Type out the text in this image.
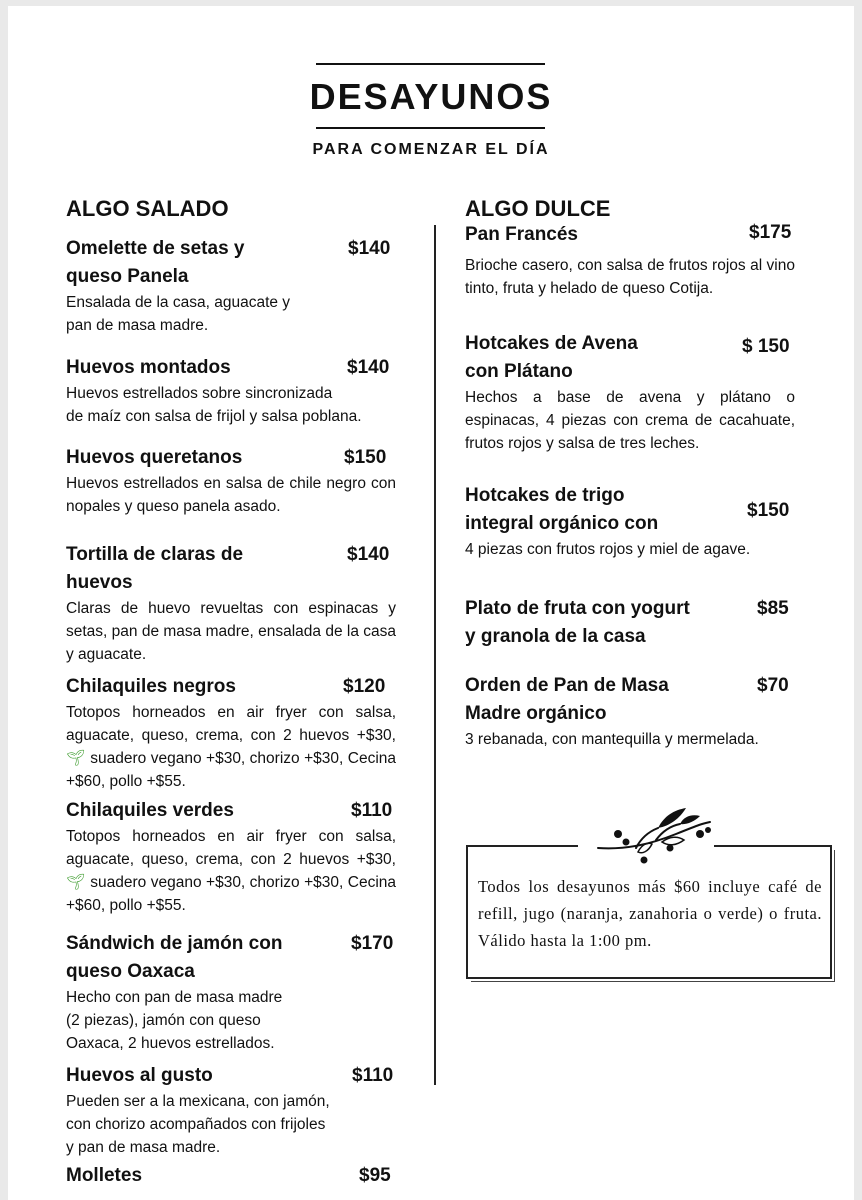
DESAYUNOS
PARA COMENZAR EL DÍA
ALGO SALADO	ALGO DULCE
Omelette de setas y
queso Panela
$140
Ensalada de la casa, aguacate y
pan de masa madre.
Huevos montados	$140
Huevos estrellados sobre sincronizada
de maíz con salsa de frijol y salsa poblana.
Huevos queretanos	$150
Huevos estrellados en salsa de chile negro con nopales y queso panela asado.
Tortilla de claras de
huevos
$140
Claras de huevo revueltas con espinacas y setas, pan de masa madre, ensalada de la casa y aguacate.
Chilaquiles negros	$120
Totopos horneados en air fryer con salsa, aguacate, queso, crema, con 2 huevos +$30, 🌱︎ suadero vegano +$30, chorizo +$30, Cecina +$60, pollo +$55.
Chilaquiles verdes	$110
Totopos horneados en air fryer con salsa, aguacate, queso, crema, con 2 huevos +$30, 🌱︎ suadero vegano +$30, chorizo +$30, Cecina +$60, pollo +$55.
Sándwich de jamón con
queso Oaxaca
$170
Hecho con pan de masa madre
(2 piezas), jamón con queso
Oaxaca, 2 huevos estrellados.
Huevos al gusto	$110
Pueden ser a la mexicana, con jamón,
con chorizo acompañados con frijoles
y pan de masa madre.
Molletes	$95
Pan Francés	$175
Brioche casero, con salsa de frutos rojos al vino tinto, fruta y helado de queso Cotija.
Hotcakes de Avena
con Plátano
$ 150
Hechos a base de avena y plátano o espinacas, 4 piezas con crema de cacahuate, frutos rojos y salsa de tres leches.
Hotcakes de trigo
integral orgánico con
$150
4 piezas con frutos rojos y miel de agave.
Plato de fruta con yogurt
y granola de la casa
$85
Orden de Pan de Masa
Madre orgánico
$70
3 rebanada, con mantequilla y mermelada.
Todos los desayunos más $60 incluye café de refill, jugo (naranja, zanahoria o verde) o fruta. Válido hasta la 1:00 pm.
